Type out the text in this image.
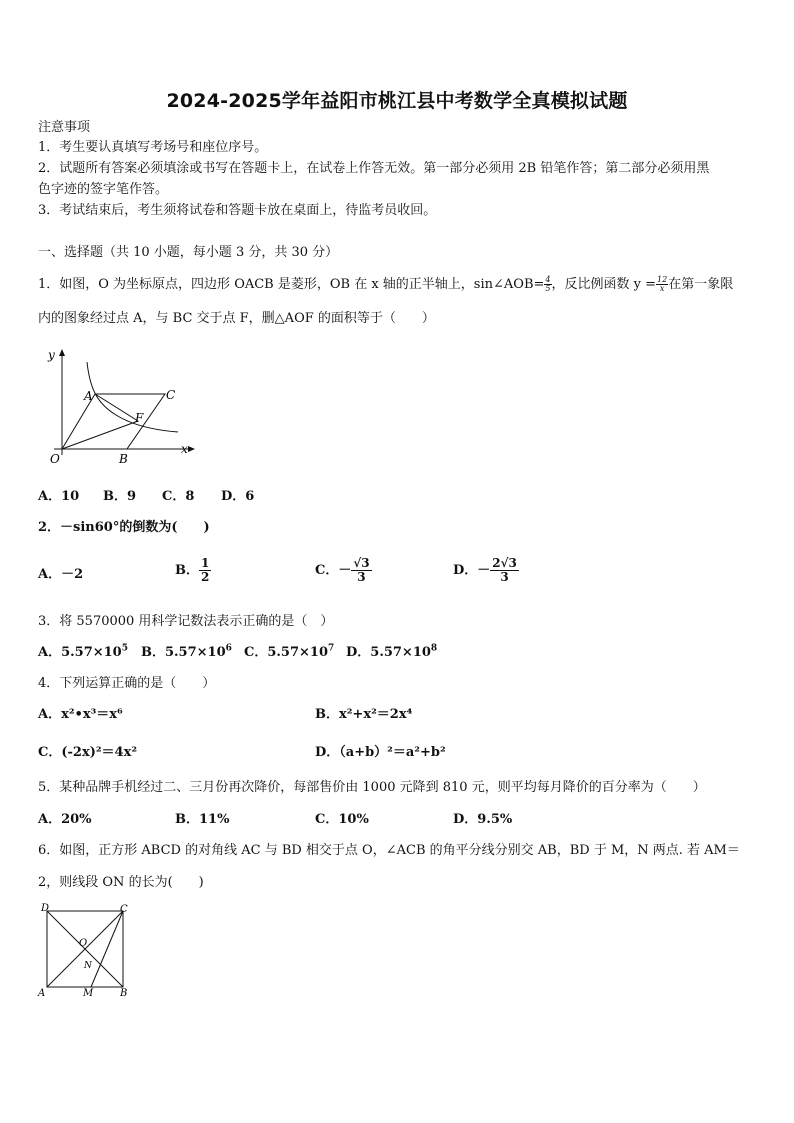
2024-2025学年益阳市桃江县中考数学全真模拟试题
注意事项
1．考生要认真填写考场号和座位序号。
2．试题所有答案必须填涂或书写在答题卡上，在试卷上作答无效。第一部分必须用 2B 铅笔作答；第二部分必须用黑
色字迹的签字笔作答。
3．考试结束后，考生须将试卷和答题卡放在桌面上，待监考员收回。
一、选择题（共 10 小题，每小题 3 分，共 30 分）
1．如图，O 为坐标原点，四边形 OACB 是菱形，OB 在 x 轴的正半轴上，sin∠AOB= $\frac{4}{5}$ ，反比例函数 $y = \frac{12}{x}$ 在第一象限
内的图象经过点 A，与 BC 交于点 F，删△AOF 的面积等于（　　）
y
x
O
A
B
C
F
A．10 B．9 C．8 D．6
2．－sin60°的倒数为(　　)
A．－2	B． $\frac{1}{2}$	C．－ $\frac{√3}{3}$	D．－ $\frac{2√3}{3}$
3．将 5570000 用科学记数法表示正确的是（　）
A．$5.57\times 10^5$ B．$5.57\times 10^6$ C．$5.57\times 10^7$ D．$5.57\times 10^8$
4．下列运算正确的是（　　）
A．x²•x³＝x⁶	B．x²+x²＝2x⁴
C．(-2x)²＝4x²	D．（a+b）²＝a²+b²
5．某种品牌手机经过二、三月份再次降价，每部售价由 1000 元降到 810 元，则平均每月降价的百分率为（　　）
A．20%	B．11%	C．10%	D．9.5%
6．如图，正方形 ABCD 的对角线 AC 与 BD 相交于点 O，∠ACB 的角平分线分别交 AB，BD 于 M，N 两点. 若 AM＝
2，则线段 ON 的长为(　　)
D	C
O
N
A	M	B
